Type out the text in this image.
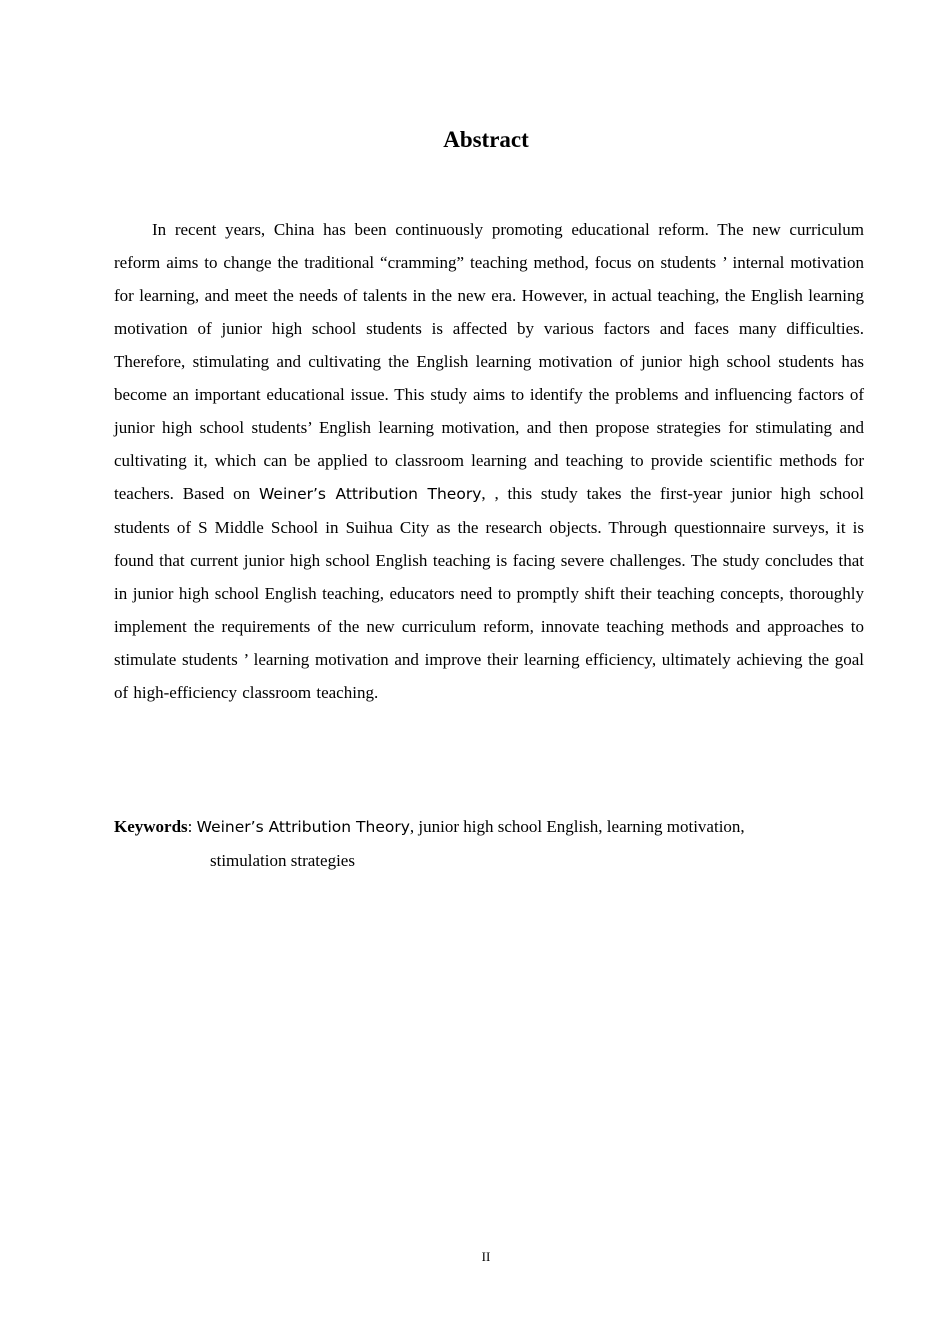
Abstract
In recent years, China has been continuously promoting educational reform. The new curriculum reform aims to change the traditional “cramming” teaching method, focus on students ’ internal motivation for learning, and meet the needs of talents in the new era. However, in actual teaching, the English learning motivation of junior high school students is affected by various factors and faces many difficulties. Therefore, stimulating and cultivating the English learning motivation of junior high school students has become an important educational issue. This study aims to identify the problems and influencing factors of junior high school students’ English learning motivation, and then propose strategies for stimulating and cultivating it, which can be applied to classroom learning and teaching to provide scientific methods for teachers. Based on Weiner’s Attribution Theory, , this study takes the first-year junior high school students of S Middle School in Suihua City as the research objects. Through questionnaire surveys, it is found that current junior high school English teaching is facing severe challenges. The study concludes that in junior high school English teaching, educators need to promptly shift their teaching concepts, thoroughly implement the requirements of the new curriculum reform, innovate teaching methods and approaches to stimulate students ’ learning motivation and improve their learning efficiency, ultimately achieving the goal of high-efficiency classroom teaching.
Keywords: Weiner’s Attribution Theory, junior high school English, learning motivation,
stimulation strategies
II
